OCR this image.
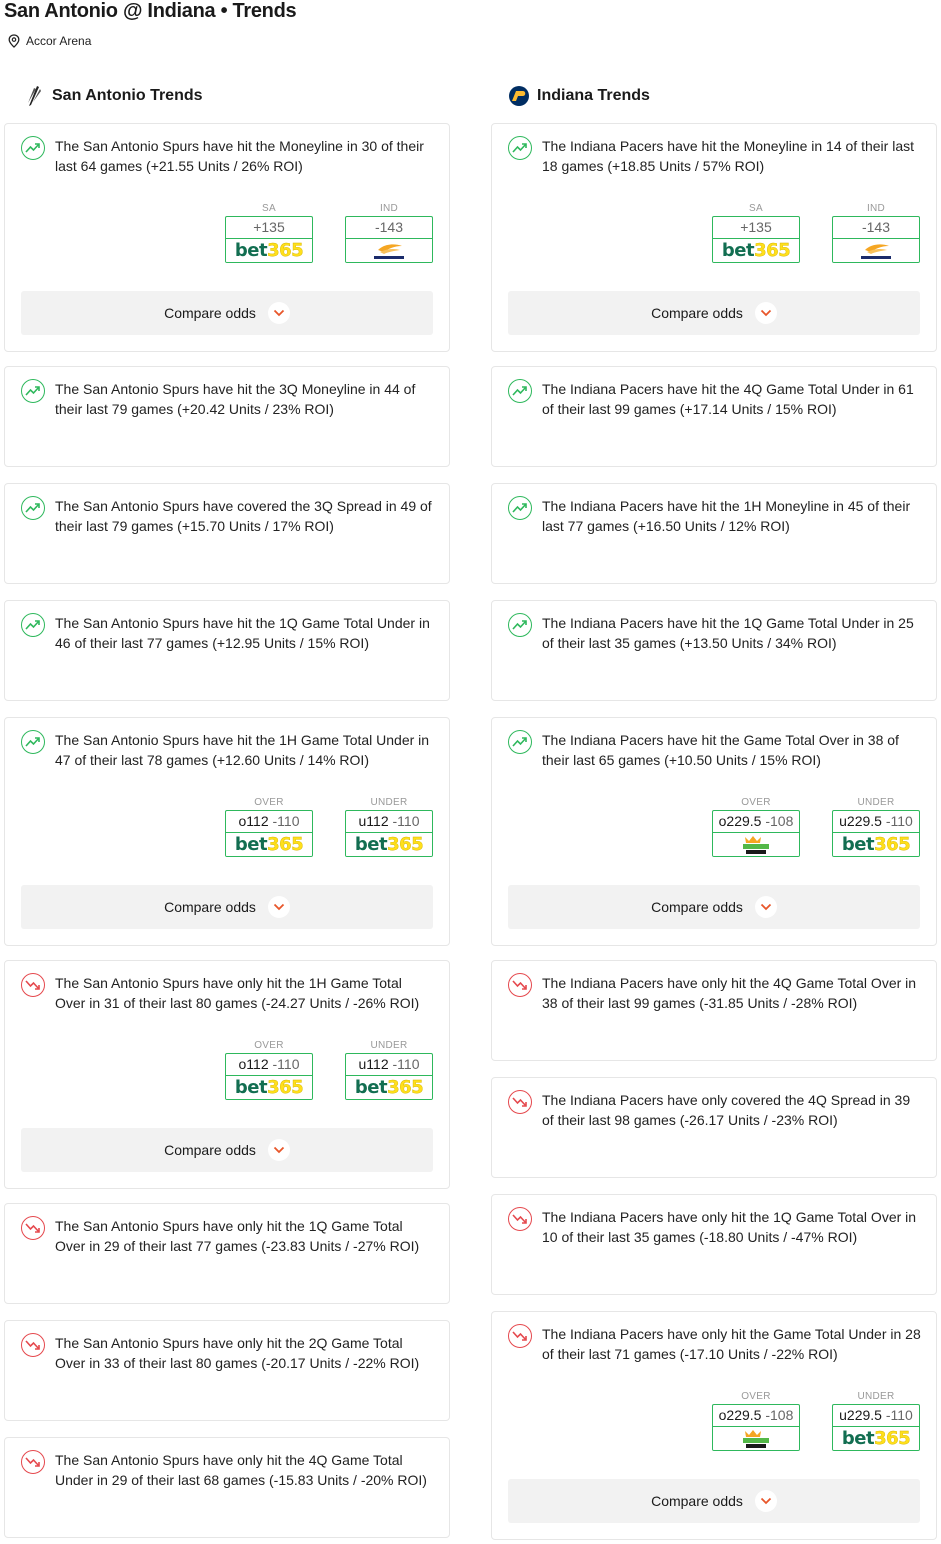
San Antonio @ Indiana • Trends
Accor Arena
San Antonio Trends
The San Antonio Spurs have hit the Moneyline in 30 of their last 64 games (+21.55 Units / 26% ROI)
SA
+135
bet365
IND
-143
Compare odds
The San Antonio Spurs have hit the 3Q Moneyline in 44 of their last 79 games (+20.42 Units / 23% ROI)
The San Antonio Spurs have covered the 3Q Spread in 49 of their last 79 games (+15.70 Units / 17% ROI)
The San Antonio Spurs have hit the 1Q Game Total Under in 46 of their last 77 games (+12.95 Units / 15% ROI)
The San Antonio Spurs have hit the 1H Game Total Under in 47 of their last 78 games (+12.60 Units / 14% ROI)
OVER
o112 -110
bet365
UNDER
u112 -110
bet365
Compare odds
The San Antonio Spurs have only hit the 1H Game Total Over in 31 of their last 80 games (-24.27 Units / -26% ROI)
OVER
o112 -110
bet365
UNDER
u112 -110
bet365
Compare odds
The San Antonio Spurs have only hit the 1Q Game Total Over in 29 of their last 77 games (-23.83 Units / -27% ROI)
The San Antonio Spurs have only hit the 2Q Game Total Over in 33 of their last 80 games (-20.17 Units / -22% ROI)
The San Antonio Spurs have only hit the 4Q Game Total Under in 29 of their last 68 games (-15.83 Units / -20% ROI)
Indiana Trends
The Indiana Pacers have hit the Moneyline in 14 of their last 18 games (+18.85 Units / 57% ROI)
SA
+135
bet365
IND
-143
Compare odds
The Indiana Pacers have hit the 4Q Game Total Under in 61 of their last 99 games (+17.14 Units / 15% ROI)
The Indiana Pacers have hit the 1H Moneyline in 45 of their last 77 games (+16.50 Units / 12% ROI)
The Indiana Pacers have hit the 1Q Game Total Under in 25 of their last 35 games (+13.50 Units / 34% ROI)
The Indiana Pacers have hit the Game Total Over in 38 of their last 65 games (+10.50 Units / 15% ROI)
OVER
o229.5 -108
UNDER
u229.5 -110
bet365
Compare odds
The Indiana Pacers have only hit the 4Q Game Total Over in 38 of their last 99 games (-31.85 Units / -28% ROI)
The Indiana Pacers have only covered the 4Q Spread in 39 of their last 98 games (-26.17 Units / -23% ROI)
The Indiana Pacers have only hit the 1Q Game Total Over in 10 of their last 35 games (-18.80 Units / -47% ROI)
The Indiana Pacers have only hit the Game Total Under in 28 of their last 71 games (-17.10 Units / -22% ROI)
OVER
o229.5 -108
UNDER
u229.5 -110
bet365
Compare odds
